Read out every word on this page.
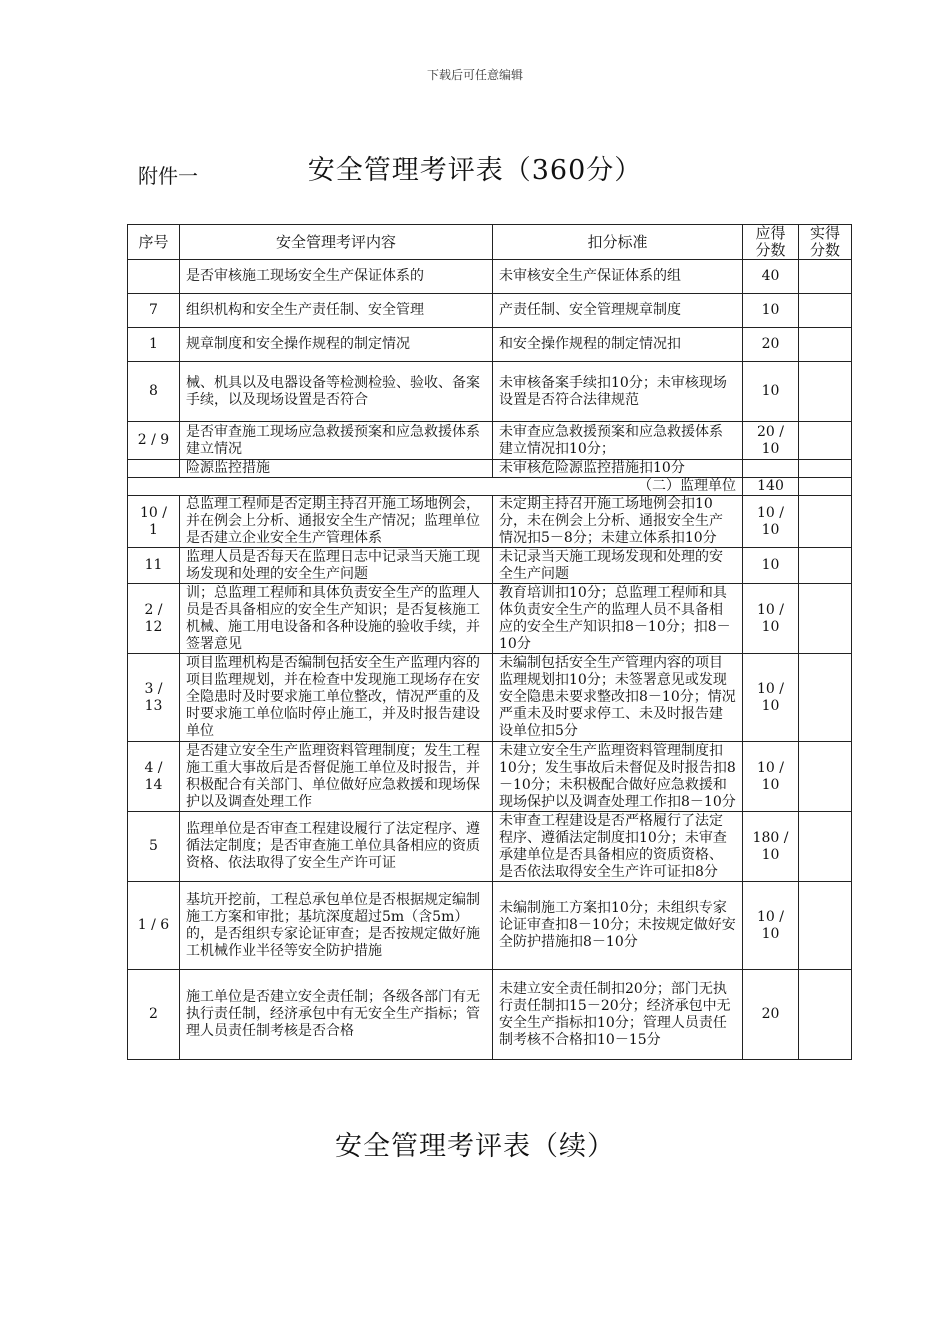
下载后可任意编辑
附件一	安全管理考评表（360分）
序号	安全管理考评内容	扣分标准	应得分数	实得分数
	是否审核施工现场安全生产保证体系的	未审核安全生产保证体系的组	40	
7	组织机构和安全生产责任制、安全管理	产责任制、安全管理规章制度	10	
1	规章制度和安全操作规程的制定情况	和安全操作规程的制定情况扣	20	
8	械、机具以及电器设备等检测检验、验收、备案手续，以及现场设置是否符合	未审核备案手续扣10分；未审核现场设置是否符合法律规范	10	
2 / 9	是否审查施工现场应急救援预案和应急救援体系建立情况	未审查应急救援预案和应急救援体系建立情况扣10分；	20 / 10	
	险源监控措施	未审核危险源监控措施扣10分		
（二）监理单位			140	
10 / 1	总监理工程师是否定期主持召开施工场地例会，并在例会上分析、通报安全生产情况；监理单位是否建立企业安全生产管理体系	未定期主持召开施工场地例会扣10分，未在例会上分析、通报安全生产情况扣5－8分；未建立体系扣10分	10 / 10	
11	监理人员是否每天在监理日志中记录当天施工现场发现和处理的安全生产问题	未记录当天施工现场发现和处理的安全生产问题	10	
2 / 12	训；总监理工程师和具体负责安全生产的监理人员是否具备相应的安全生产知识；是否复核施工机械、施工用电设备和各种设施的验收手续，并签署意见	教育培训扣10分；总监理工程师和具体负责安全生产的监理人员不具备相应的安全生产知识扣8－10分；扣8－10分	10 / 10	
3 / 13	项目监理机构是否编制包括安全生产监理内容的项目监理规划，并在检查中发现施工现场存在安全隐患时及时要求施工单位整改，情况严重的及时要求施工单位临时停止施工，并及时报告建设单位	未编制包括安全生产管理内容的项目监理规划扣10分；未签署意见或发现安全隐患未要求整改扣8－10分；情况严重未及时要求停工、未及时报告建设单位扣5分	10 / 10	
4 / 14	是否建立安全生产监理资料管理制度；发生工程施工重大事故后是否督促施工单位及时报告，并积极配合有关部门、单位做好应急救援和现场保护以及调查处理工作	未建立安全生产监理资料管理制度扣10分；发生事故后未督促及时报告扣8－10分；未积极配合做好应急救援和现场保护以及调查处理工作扣8－10分	10 / 10	
5	监理单位是否审查工程建设履行了法定程序、遵循法定制度；是否审查施工单位具备相应的资质资格、依法取得了安全生产许可证	未审查工程建设是否严格履行了法定程序、遵循法定制度扣10分；未审查承建单位是否具备相应的资质资格、是否依法取得安全生产许可证扣8分	180 / 10	
1 / 6	基坑开挖前，工程总承包单位是否根据规定编制施工方案和审批；基坑深度超过5m（含5m）的，是否组织专家论证审查；是否按规定做好施工机械作业半径等安全防护措施	未编制施工方案扣10分；未组织专家论证审查扣8－10分；未按规定做好安全防护措施扣8－10分	10 / 10	
2	施工单位是否建立安全责任制；各级各部门有无执行责任制，经济承包中有无安全生产指标；管理人员责任制考核是否合格	未建立安全责任制扣20分；部门无执行责任制扣15－20分；经济承包中无安全生产指标扣10分；管理人员责任制考核不合格扣10－15分	20	
安全管理考评表（续）
